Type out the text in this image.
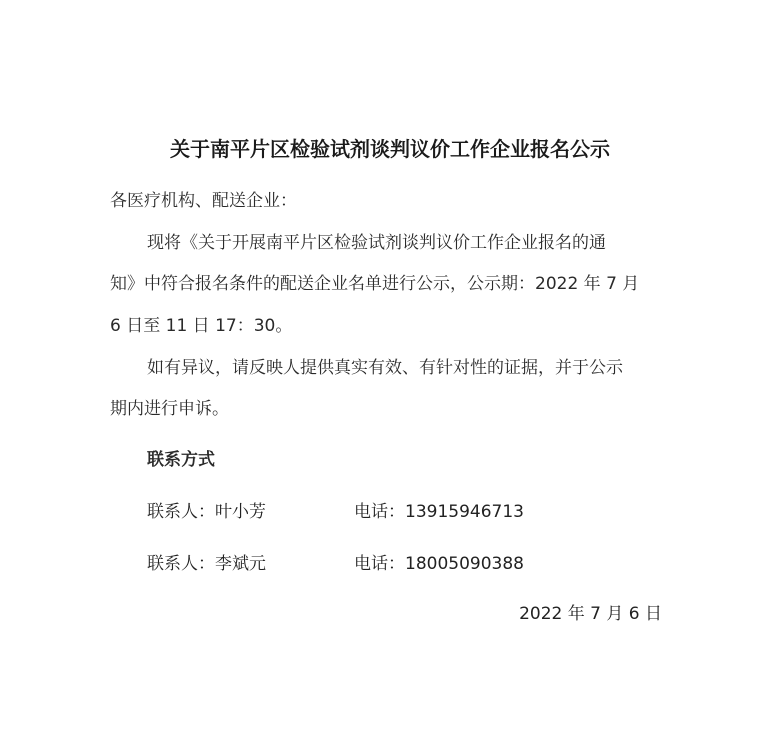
关于南平片区检验试剂谈判议价工作企业报名公示
各医疗机构、配送企业：
现将《关于开展南平片区检验试剂谈判议价工作企业报名的通
知》中符合报名条件的配送企业名单进行公示，公示期：2022 年 7 月
6 日至 11 日 17：30。
如有异议，请反映人提供真实有效、有针对性的证据，并于公示
期内进行申诉。
联系方式
联系人：叶小芳	电话：13915946713
联系人：李斌元	电话：18005090388
2022 年 7 月 6 日
